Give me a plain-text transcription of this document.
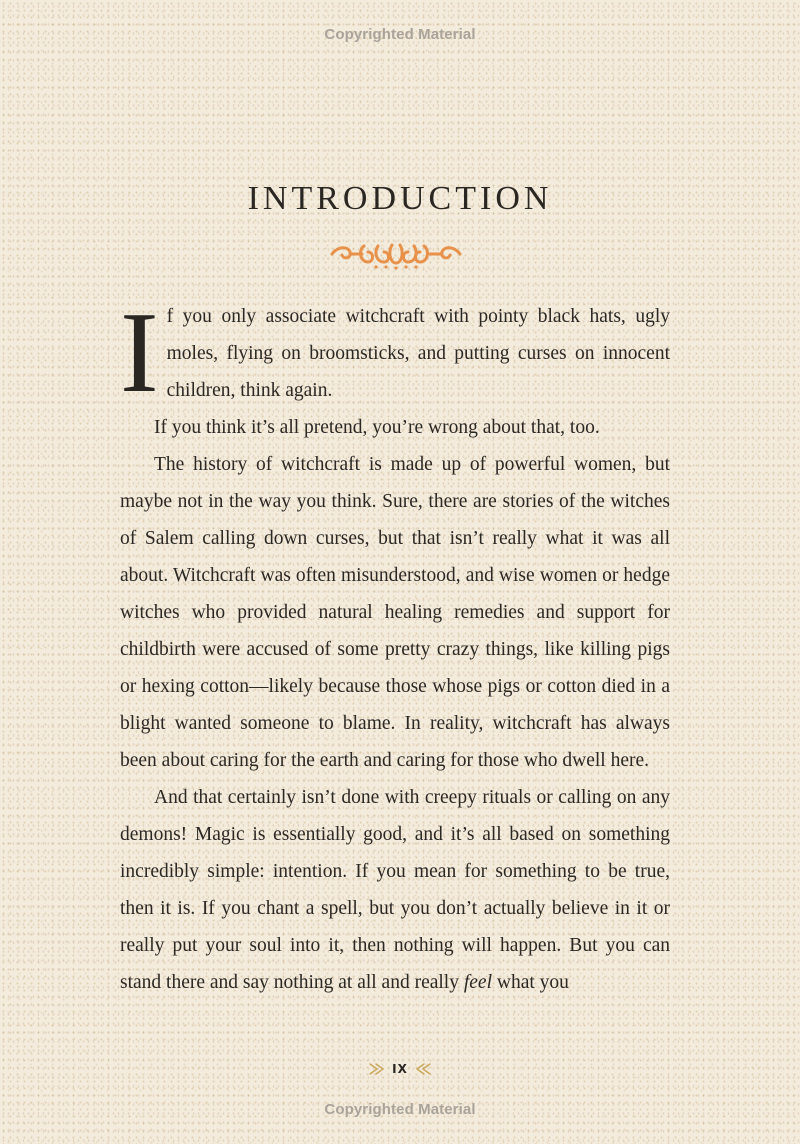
Copyrighted Material
INTRODUCTION

If you only associate witchcraft with pointy black hats, ugly moles, flying on broomsticks, and putting curses on innocent children, think again.

If you think it’s all pretend, you’re wrong about that, too.

The history of witchcraft is made up of powerful women, but maybe not in the way you think. Sure, there are stories of the witches of Salem calling down curses, but that isn’t really what it was all about. Witchcraft was often misunderstood, and wise women or hedge witches who provided natural healing remedies and support for childbirth were accused of some pretty crazy things, like killing pigs or hexing cotton—likely because those whose pigs or cotton died in a blight wanted someone to blame. In reality, witchcraft has always been about caring for the earth and caring for those who dwell here.

And that certainly isn’t done with creepy rituals or calling on any demons! Magic is essentially good, and it’s all based on something incredibly simple: intention. If you mean for something to be true, then it is. If you chant a spell, but you don’t actually believe in it or really put your soul into it, then nothing will happen. But you can stand there and say nothing at all and really feel what you

IX
Copyrighted Material
